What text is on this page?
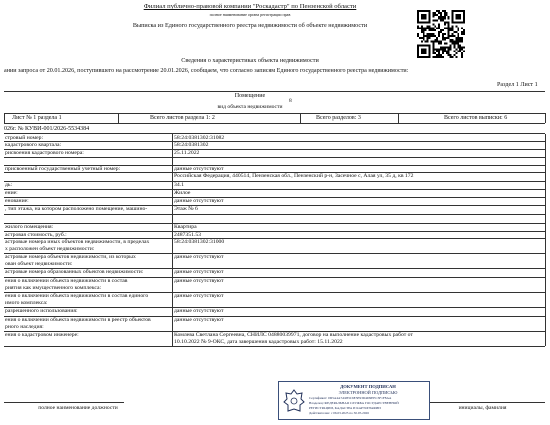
Филиал публично-правовой компании "Роскадастр" по Пензенской области
полное наименование органа регистрации прав
Выписка из Единого государственного реестра недвижимости об объекте недвижимости
Сведения о характеристиках объекта недвижимости
ании запроса от 20.01.2026, поступившего на рассмотрение 20.01.2026, сообщаем, что согласно записям Единого государственного реестра недвижимости:
Раздел 1 Лист 1
Помещение
8
вид объекта недвижимости
Лист № 1 раздела 1	Всего листов раздела 1: 2	Всего разделов: 3	Всего листов выписки: 6
026г. № КУВИ-001/2026-5534384
стровый номер:	58:24:0381302:31082
кадастрового квартала:	58:24:0381302
рисвоения кадастрового номера:	25.11.2022
присвоенный государственный учетный номер:	данные отсутствуют
Российская Федерация, 440514, Пензенская обл., Пензенский р-н, Засечное с, Алая ул, 35 д, кв 172
дь:	34.1
ение:	Жилое
енование:	данные отсутствуют
, тип этажа, на котором расположено помещение, машино-	Этаж № 6
жилого помещения:	Квартира
астровая стоимость, руб.:	2487351.53
астровые номера иных объектов недвижимости, в пределах
х расположен объект недвижимости:
58:24:0381302:31000
астровые номера объектов недвижимости, из которых
ован объект недвижимости:
данные отсутствуют
астровые номера образованных объектов недвижимости:	данные отсутствуют
ения о включении объекта недвижимости в состав
риятия как имущественного комплекса:
данные отсутствуют
ения о включении объекта недвижимости в состав единого
имого комплекса:
данные отсутствуют
разрешенного использования:	данные отсутствуют
ения о включении объекта недвижимости в реестр объектов
рного наследия:
данные отсутствуют
ения о кадастровом инженере:	Комлева Светлана Сергеевна, СНИЛС 04880039971, договор на выполнение кадастровых работ от
10.10.2022 № 9-ОКС, дата завершения кадастровых работ: 15.11.2022
полное наименование должности	инициалы, фамилия
ДОКУМЕНТ ПОДПИСАН
ЭЛЕКТРОННОЙ ПОДПИСЬЮ
Сертификат: 0D5A4A7A983C6E5E93D4D9EEC3F1F8AA
Владелец: ФЕДЕРАЛЬНАЯ СЛУЖБА ГОСУДАРСТВЕННОЙ
РЕГИСТРАЦИИ, КАДАСТРА И КАРТОГРАФИИ
Действителен: с 06.03.2025 по 30.05.2026
